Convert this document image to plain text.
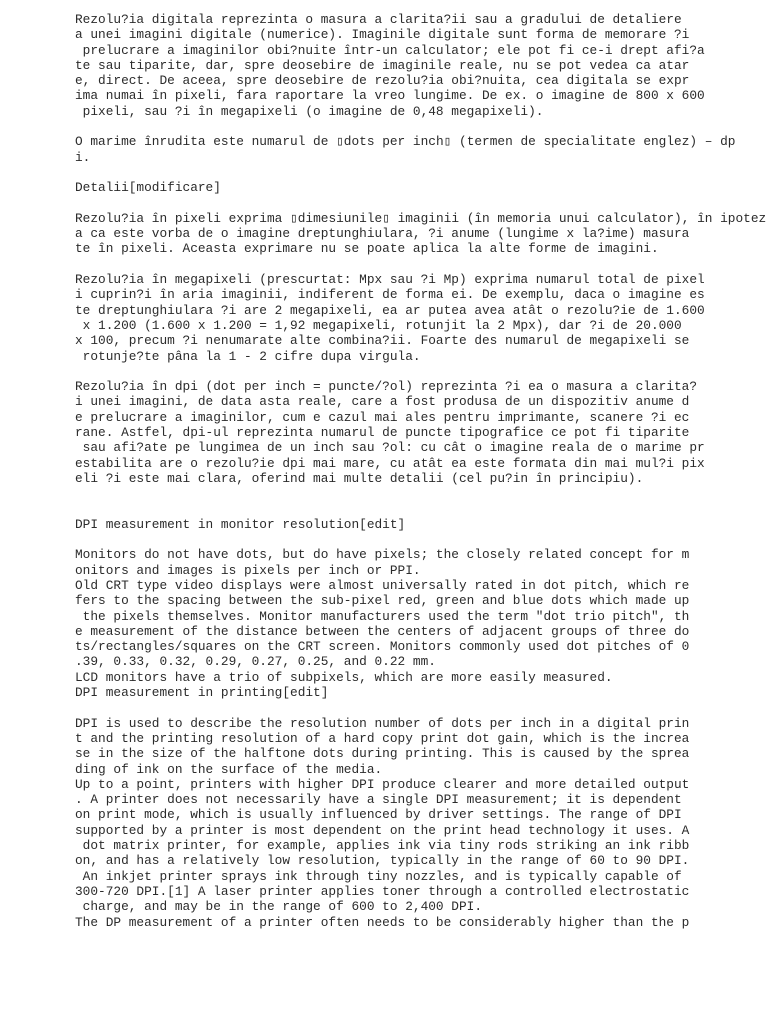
Rezolu?ia digitala reprezinta o masura a clarita?ii sau a gradului de detaliere
a unei imagini digitale (numerice). Imaginile digitale sunt forma de memorare ?i
prelucrare a imaginilor obi?nuite într-un calculator; ele pot fi ce-i drept afi?a
te sau tiparite, dar, spre deosebire de imaginile reale, nu se pot vedea ca atar
e, direct. De aceea, spre deosebire de rezolu?ia obi?nuita, cea digitala se expr
ima numai în pixeli, fara raportare la vreo lungime. De ex. o imagine de 800 x 600
pixeli, sau ?i în megapixeli (o imagine de 0,48 megapixeli).
O marime înrudita este numarul de ▯dots per inch▯ (termen de specialitate englez) – dp
i.
Detalii[modificare]
Rezolu?ia în pixeli exprima ▯dimesiunile▯ imaginii (în memoria unui calculator), în ipotez
a ca este vorba de o imagine dreptunghiulara, ?i anume (lungime x la?ime) masura
te în pixeli. Aceasta exprimare nu se poate aplica la alte forme de imagini.
Rezolu?ia în megapixeli (prescurtat: Mpx sau ?i Mp) exprima numarul total de pixel
i cuprin?i în aria imaginii, indiferent de forma ei. De exemplu, daca o imagine es
te dreptunghiulara ?i are 2 megapixeli, ea ar putea avea atât o rezolu?ie de 1.600
x 1.200 (1.600 x 1.200 = 1,92 megapixeli, rotunjit la 2 Mpx), dar ?i de 20.000
x 100, precum ?i nenumarate alte combina?ii. Foarte des numarul de megapixeli se
rotunje?te pâna la 1 - 2 cifre dupa virgula.
Rezolu?ia în dpi (dot per inch = puncte/?ol) reprezinta ?i ea o masura a clarita?
i unei imagini, de data asta reale, care a fost produsa de un dispozitiv anume d
e prelucrare a imaginilor, cum e cazul mai ales pentru imprimante, scanere ?i ec
rane. Astfel, dpi-ul reprezinta numarul de puncte tipografice ce pot fi tiparite
sau afi?ate pe lungimea de un inch sau ?ol: cu cât o imagine reala de o marime pr
estabilita are o rezolu?ie dpi mai mare, cu atât ea este formata din mai mul?i pix
eli ?i este mai clara, oferind mai multe detalii (cel pu?in în principiu).
DPI measurement in monitor resolution[edit]
Monitors do not have dots, but do have pixels; the closely related concept for m
onitors and images is pixels per inch or PPI.
Old CRT type video displays were almost universally rated in dot pitch, which re
fers to the spacing between the sub-pixel red, green and blue dots which made up
the pixels themselves. Monitor manufacturers used the term "dot trio pitch", th
e measurement of the distance between the centers of adjacent groups of three do
ts/rectangles/squares on the CRT screen. Monitors commonly used dot pitches of 0
.39, 0.33, 0.32, 0.29, 0.27, 0.25, and 0.22 mm.
LCD monitors have a trio of subpixels, which are more easily measured.
DPI measurement in printing[edit]
DPI is used to describe the resolution number of dots per inch in a digital prin
t and the printing resolution of a hard copy print dot gain, which is the increa
se in the size of the halftone dots during printing. This is caused by the sprea
ding of ink on the surface of the media.
Up to a point, printers with higher DPI produce clearer and more detailed output
. A printer does not necessarily have a single DPI measurement; it is dependent
on print mode, which is usually influenced by driver settings. The range of DPI
supported by a printer is most dependent on the print head technology it uses. A
dot matrix printer, for example, applies ink via tiny rods striking an ink ribb
on, and has a relatively low resolution, typically in the range of 60 to 90 DPI.
An inkjet printer sprays ink through tiny nozzles, and is typically capable of
300-720 DPI.[1] A laser printer applies toner through a controlled electrostatic
charge, and may be in the range of 600 to 2,400 DPI.
The DP measurement of a printer often needs to be considerably higher than the p
